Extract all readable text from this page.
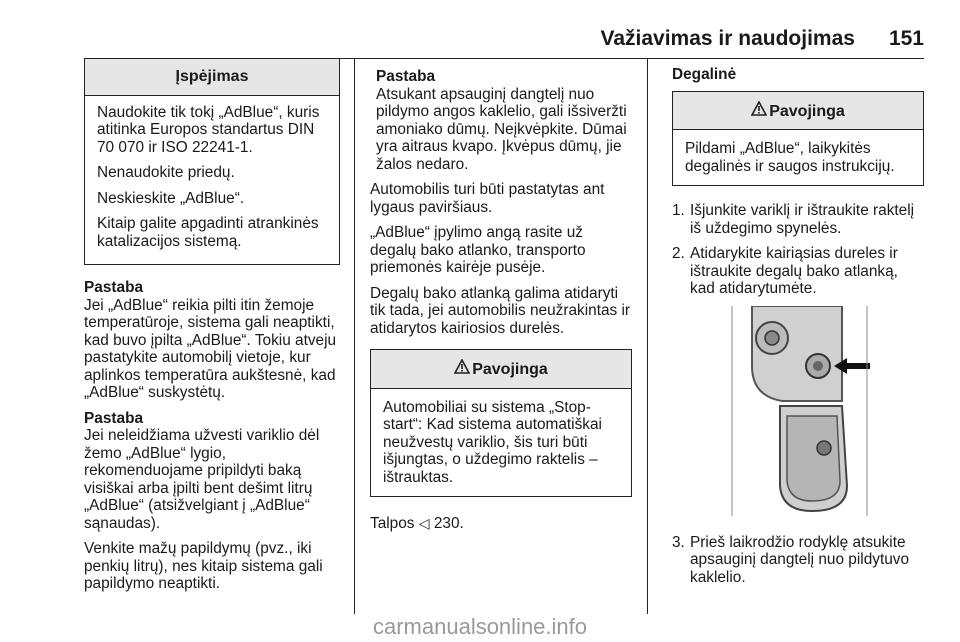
Važiavimas ir naudojimas 151
Įspėjimas

Naudokite tik tokį „AdBlue“, kuris atitinka Europos standartus DIN 70 070 ir ISO 22241-1.

Nenaudokite priedų.

Neskieskite „AdBlue“.

Kitaip galite apgadinti atrankinės katalizacijos sistemą.

Pastaba

Jei „AdBlue“ reikia pilti itin žemoje temperatūroje, sistema gali neaptikti, kad buvo įpilta „AdBlue“. Tokiu atveju pastatykite automobilį vietoje, kur aplinkos temperatūra aukštesnė, kad „AdBlue“ suskystėtų.

Pastaba

Jei neleidžiama užvesti variklio dėl žemo „AdBlue“ lygio, rekomenduojame pripildyti baką visiškai arba įpilti bent dešimt litrų „AdBlue“ (atsižvelgiant į „AdBlue“ sąnaudas).

Venkite mažų papildymų (pvz., iki penkių litrų), nes kitaip sistema gali papildymo neaptikti.

Pastaba

Atsukant apsauginį dangtelį nuo pildymo angos kaklelio, gali išsiveržti amoniako dūmų. Neįkvėpkite. Dūmai yra aitraus kvapo. Įkvėpus dūmų, jie žalos nedaro.

Automobilis turi būti pastatytas ant lygaus paviršiaus.

„AdBlue“ įpylimo angą rasite už degalų bako atlanko, transporto priemonės kairėje pusėje.

Degalų bako atlanką galima atidaryti tik tada, jei automobilis neužrakintas ir atidarytos kairiosios durelės.

Pavojinga

Automobiliai su sistema „Stop-start“: Kad sistema automatiškai neužvestų variklio, šis turi būti išjungtas, o uždegimo raktelis – ištrauktas.

Talpos ◁ 230.

Degalinė
Pavojinga

Pildami „AdBlue“, laikykitės degalinės ir saugos instrukcijų.

1. Išjunkite variklį ir ištraukite raktelį iš uždegimo spynelės.
2. Atidarykite kairiąsias dureles ir ištraukite degalų bako atlanką, kad atidarytumėte.
3. Prieš laikrodžio rodyklę atsukite apsauginį dangtelį nuo pildytuvo kaklelio.
carmanualsonline.info
